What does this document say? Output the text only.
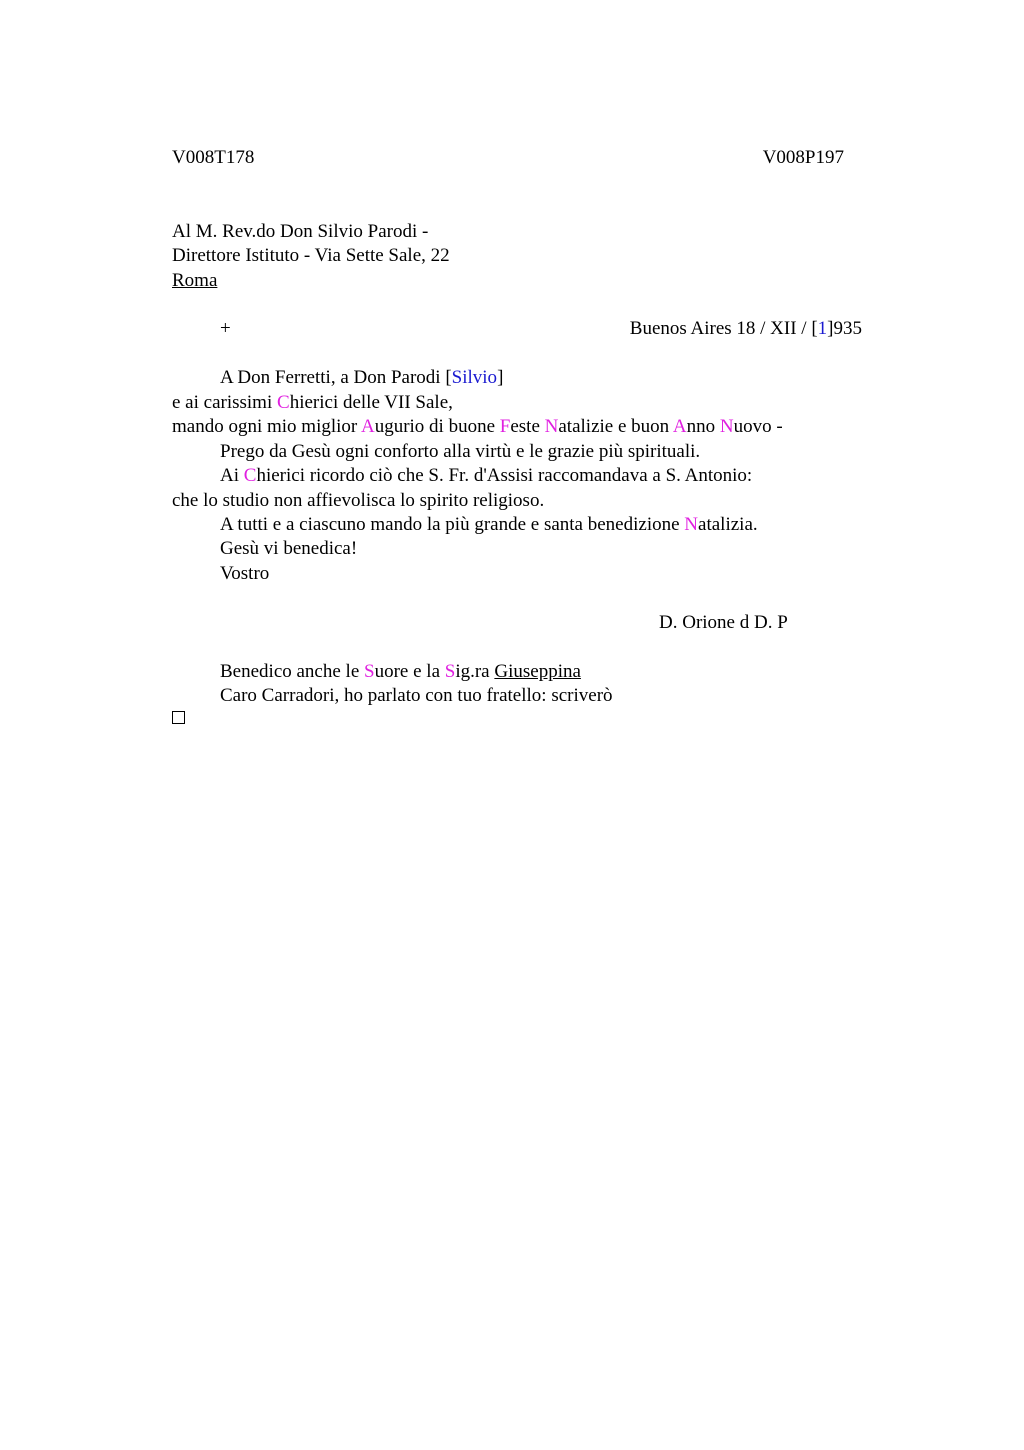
V008T178	V008P197
Al M. Rev.do Don Silvio Parodi -
Direttore Istituto - Via Sette Sale, 22
Roma
+	Buenos Aires 18 / XII / [1]935
A Don Ferretti, a Don Parodi [Silvio]
e ai carissimi Chierici delle VII Sale,
mando ogni mio miglior Augurio di buone Feste Natalizie e buon Anno Nuovo -
Prego da Gesù ogni conforto alla virtù e le grazie più spirituali.
Ai Chierici ricordo ciò che S. Fr. d'Assisi raccomandava a S. Antonio:
che lo studio non affievolisca lo spirito religioso.
A tutti e a ciascuno mando la più grande e santa benedizione Natalizia.
Gesù vi benedica!
Vostro
D. Orione d D. P
Benedico anche le Suore e la Sig.ra Giuseppina
Caro Carradori, ho parlato con tuo fratello: scriverò
